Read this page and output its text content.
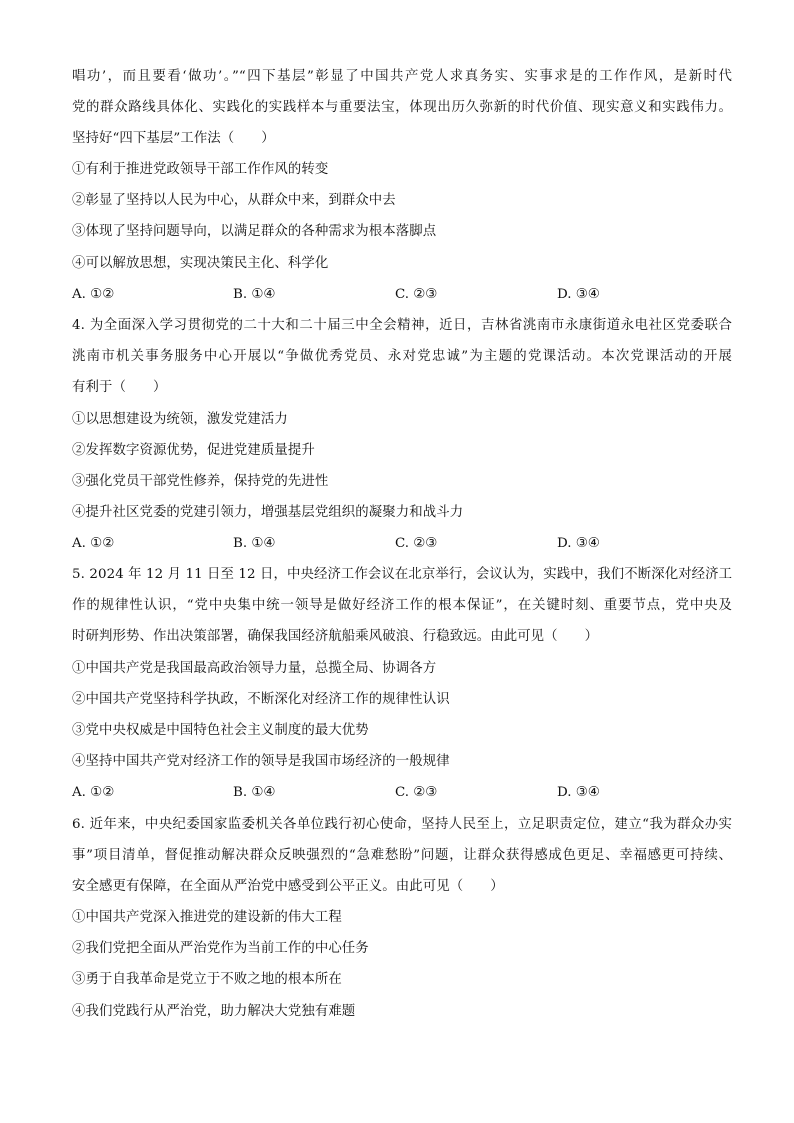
唱功’，而且要看‘做功’。”“四下基层”彰显了中国共产党人求真务实、实事求是的工作作风，是新时代
党的群众路线具体化、实践化的实践样本与重要法宝，体现出历久弥新的时代价值、现实意义和实践伟力。
坚持好“四下基层”工作法（　　）
①有利于推进党政领导干部工作作风的转变
②彰显了坚持以人民为中心，从群众中来，到群众中去
③体现了坚持问题导向，以满足群众的各种需求为根本落脚点
④可以解放思想，实现决策民主化、科学化
A. ①②	B. ①④	C. ②③	D. ③④
4. 为全面深入学习贯彻党的二十大和二十届三中全会精神，近日，吉林省洮南市永康街道永电社区党委联合
洮南市机关事务服务中心开展以“争做优秀党员、永对党忠诚”为主题的党课活动。本次党课活动的开展
有利于（　　）
①以思想建设为统领，激发党建活力
②发挥数字资源优势，促进党建质量提升
③强化党员干部党性修养，保持党的先进性
④提升社区党委的党建引领力，增强基层党组织的凝聚力和战斗力
A. ①②	B. ①④	C. ②③	D. ③④
5. 2024 年 12 月 11 日至 12 日，中央经济工作会议在北京举行，会议认为，实践中，我们不断深化对经济工
作的规律性认识，“党中央集中统一领导是做好经济工作的根本保证”，在关键时刻、重要节点，党中央及
时研判形势、作出决策部署，确保我国经济航船乘风破浪、行稳致远。由此可见（　　）
①中国共产党是我国最高政治领导力量，总揽全局、协调各方
②中国共产党坚持科学执政，不断深化对经济工作的规律性认识
③党中央权威是中国特色社会主义制度的最大优势
④坚持中国共产党对经济工作的领导是我国市场经济的一般规律
A. ①②	B. ①④	C. ②③	D. ③④
6. 近年来，中央纪委国家监委机关各单位践行初心使命，坚持人民至上，立足职责定位，建立“我为群众办实
事”项目清单，督促推动解决群众反映强烈的“急难愁盼”问题，让群众获得感成色更足、幸福感更可持续、
安全感更有保障，在全面从严治党中感受到公平正义。由此可见（　　）
①中国共产党深入推进党的建设新的伟大工程
②我们党把全面从严治党作为当前工作的中心任务
③勇于自我革命是党立于不败之地的根本所在
④我们党践行从严治党，助力解决大党独有难题
